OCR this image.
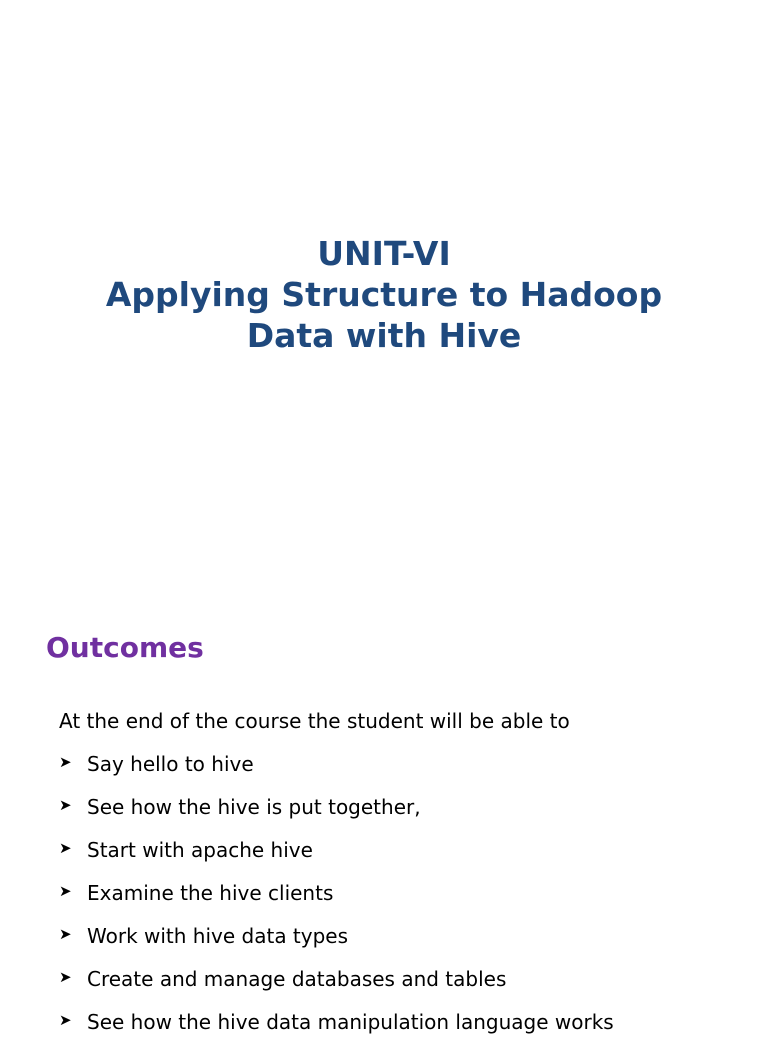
UNIT-VI
Applying Structure to Hadoop
Data with Hive
Outcomes
At the end of the course the student will be able to
➤ Say hello to hive
➤ See how the hive is put together,
➤ Start with apache hive
➤ Examine the hive clients
➤ Work with hive data types
➤ Create and manage databases and tables
➤ See how the hive data manipulation language works
